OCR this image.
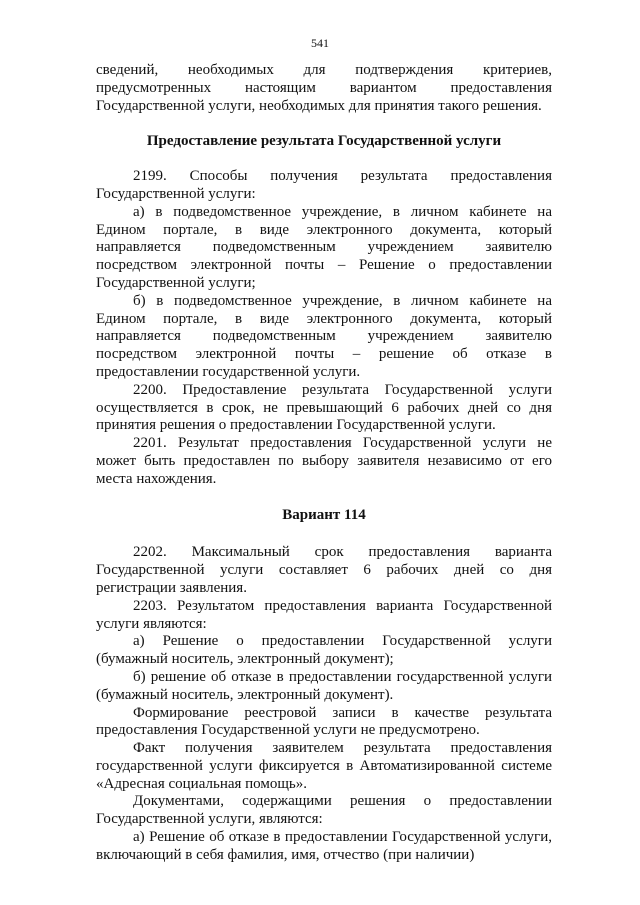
541

сведений, необходимых для подтверждения критериев, предусмотренных настоящим вариантом предоставления Государственной услуги, необходимых для принятия такого решения.

Предоставление результата Государственной услуги

2199. Способы получения результата предоставления Государственной услуги:

а) в подведомственное учреждение, в личном кабинете на Едином портале, в виде электронного документа, который направляется подведомственным учреждением заявителю посредством электронной почты – Решение о предоставлении Государственной услуги;

б) в подведомственное учреждение, в личном кабинете на Едином портале, в виде электронного документа, который направляется подведомственным учреждением заявителю посредством электронной почты – решение об отказе в предоставлении государственной услуги.

2200. Предоставление результата Государственной услуги осуществляется в срок, не превышающий 6 рабочих дней со дня принятия решения о предоставлении Государственной услуги.

2201. Результат предоставления Государственной услуги не может быть предоставлен по выбору заявителя независимо от его места нахождения.

Вариант 114

2202. Максимальный срок предоставления варианта Государственной услуги составляет 6 рабочих дней со дня регистрации заявления.

2203. Результатом предоставления варианта Государственной услуги являются:

а) Решение о предоставлении Государственной услуги (бумажный носитель, электронный документ);

б) решение об отказе в предоставлении государственной услуги (бумажный носитель, электронный документ).

Формирование реестровой записи в качестве результата предоставления Государственной услуги не предусмотрено.

Факт получения заявителем результата предоставления государственной услуги фиксируется в Автоматизированной системе «Адресная социальная помощь».

Документами, содержащими решения о предоставлении Государственной услуги, являются:

а) Решение об отказе в предоставлении Государственной услуги, включающий в себя фамилия, имя, отчество (при наличии)
